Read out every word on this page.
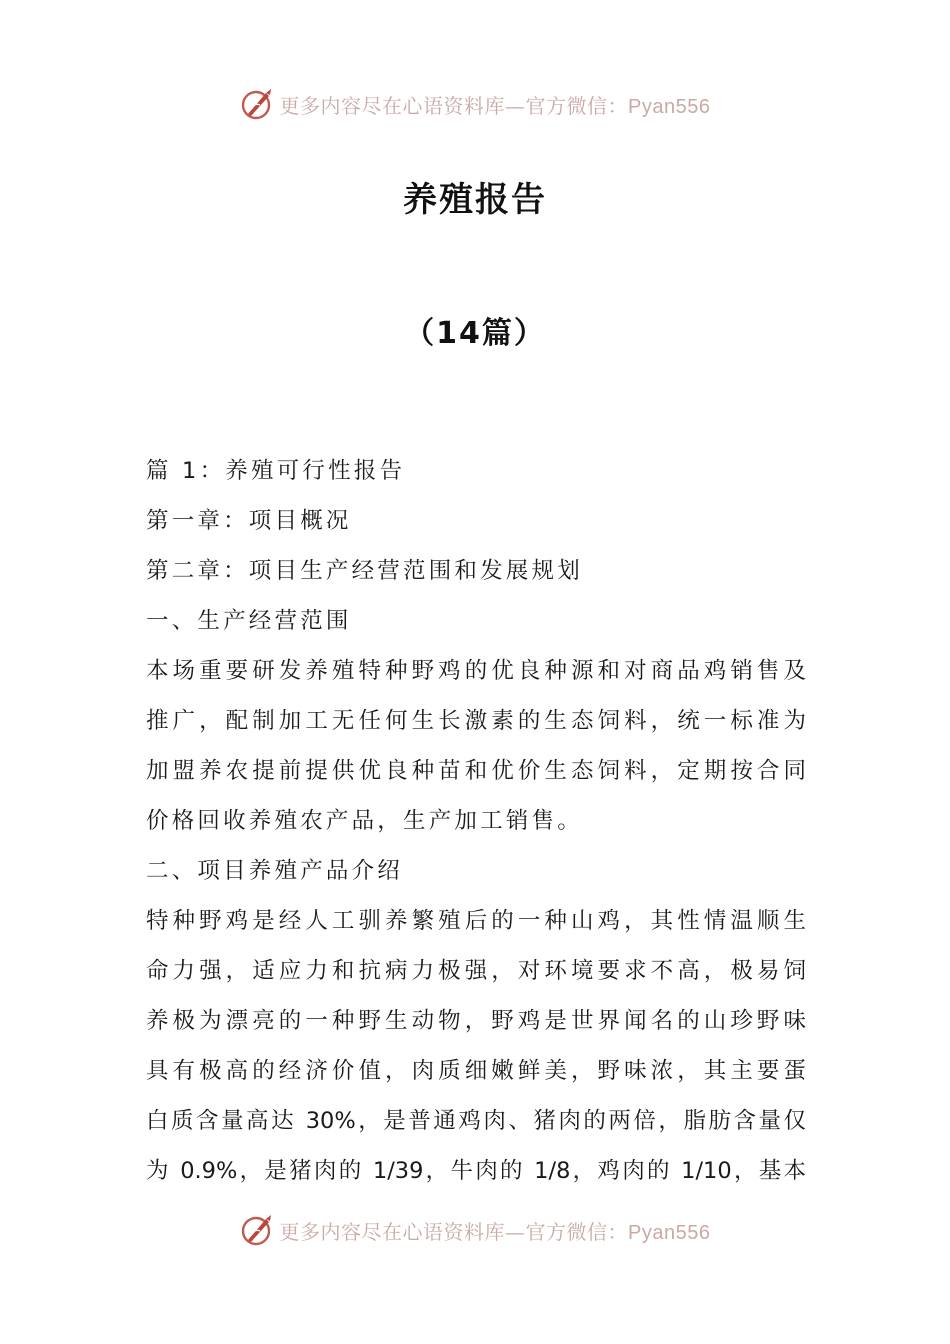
更多内容尽在心语资料库—官方微信：Pyan556
养殖报告
（14篇）
篇 1：养殖可行性报告
第一章：项目概况
第二章：项目生产经营范围和发展规划
一、生产经营范围
本场重要研发养殖特种野鸡的优良种源和对商品鸡销售及
推广，配制加工无任何生长激素的生态饲料，统一标准为
加盟养农提前提供优良种苗和优价生态饲料，定期按合同
价格回收养殖农产品，生产加工销售。
二、项目养殖产品介绍
特种野鸡是经人工驯养繁殖后的一种山鸡，其性情温顺生
命力强，适应力和抗病力极强，对环境要求不高，极易饲
养极为漂亮的一种野生动物，野鸡是世界闻名的山珍野味
具有极高的经济价值，肉质细嫩鲜美，野味浓，其主要蛋
白质含量高达 30%，是普通鸡肉、猪肉的两倍，脂肪含量仅
为 0.9%，是猪肉的 1/39，牛肉的 1/8，鸡肉的 1/10，基本
更多内容尽在心语资料库—官方微信：Pyan556
